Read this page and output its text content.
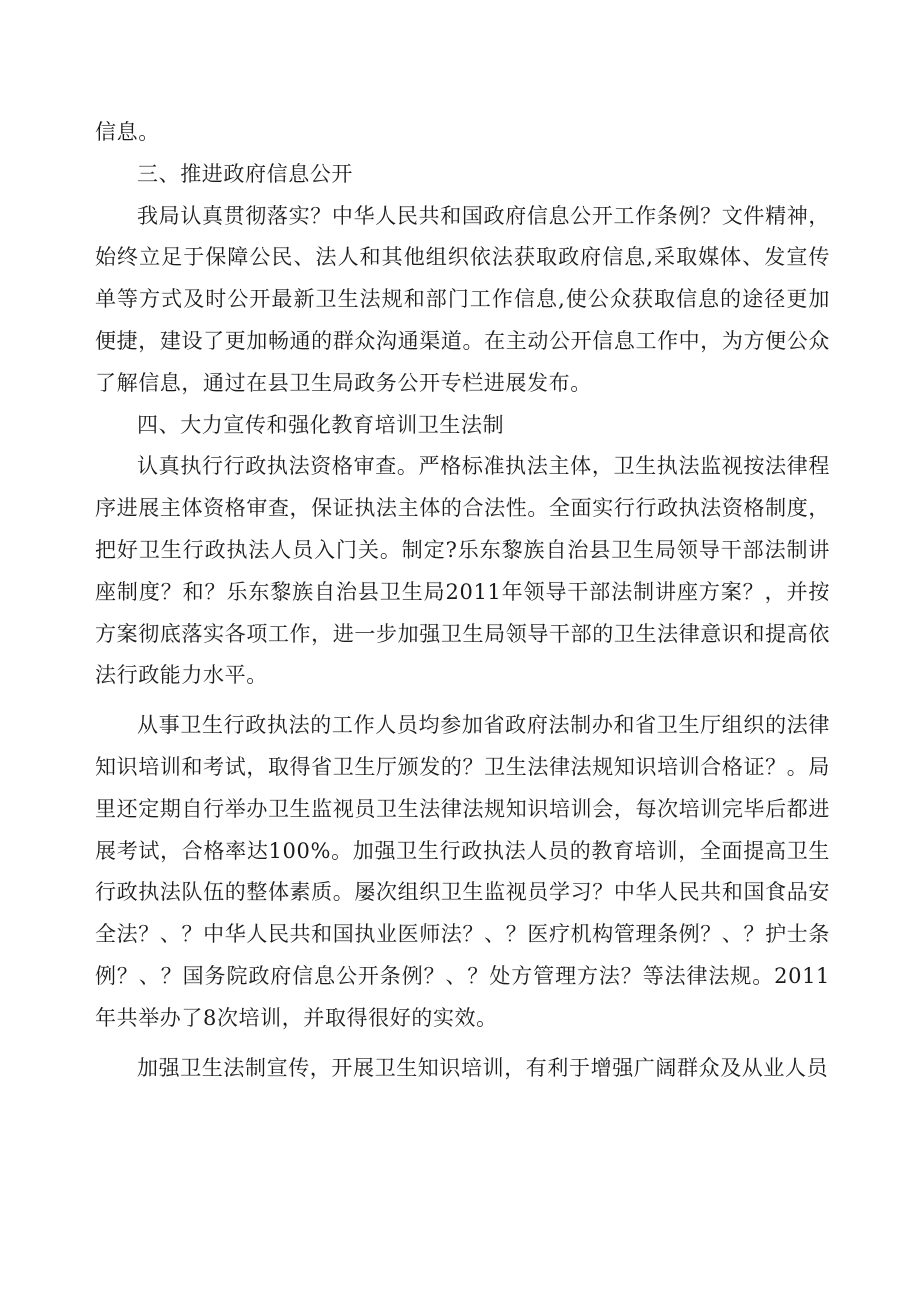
信息。

三、推进政府信息公开

我局认真贯彻落实？中华人民共和国政府信息公开工作条例？文件精神，始终立足于保障公民、法人和其他组织依法获取政府信息,采取媒体、发宣传单等方式及时公开最新卫生法规和部门工作信息,使公众获取信息的途径更加便捷，建设了更加畅通的群众沟通渠道。在主动公开信息工作中，为方便公众了解信息，通过在县卫生局政务公开专栏进展发布。

四、大力宣传和强化教育培训卫生法制

认真执行行政执法资格审查。严格标准执法主体，卫生执法监视按法律程序进展主体资格审查，保证执法主体的合法性。全面实行行政执法资格制度，把好卫生行政执法人员入门关。制定?乐东黎族自治县卫生局领导干部法制讲座制度？和？乐东黎族自治县卫生局2011年领导干部法制讲座方案？，并按方案彻底落实各项工作，进一步加强卫生局领导干部的卫生法律意识和提高依法行政能力水平。

从事卫生行政执法的工作人员均参加省政府法制办和省卫生厅组织的法律知识培训和考试，取得省卫生厅颁发的？卫生法律法规知识培训合格证？。局里还定期自行举办卫生监视员卫生法律法规知识培训会，每次培训完毕后都进展考试，合格率达100%。加强卫生行政执法人员的教育培训，全面提高卫生行政执法队伍的整体素质。屡次组织卫生监视员学习？中华人民共和国食品安全法？、？中华人民共和国执业医师法？、？医疗机构管理条例？、？护士条例？、？国务院政府信息公开条例？、？处方管理方法？等法律法规。2011年共举办了8次培训，并取得很好的实效。

加强卫生法制宣传，开展卫生知识培训，有利于增强广阔群众及从业人员
